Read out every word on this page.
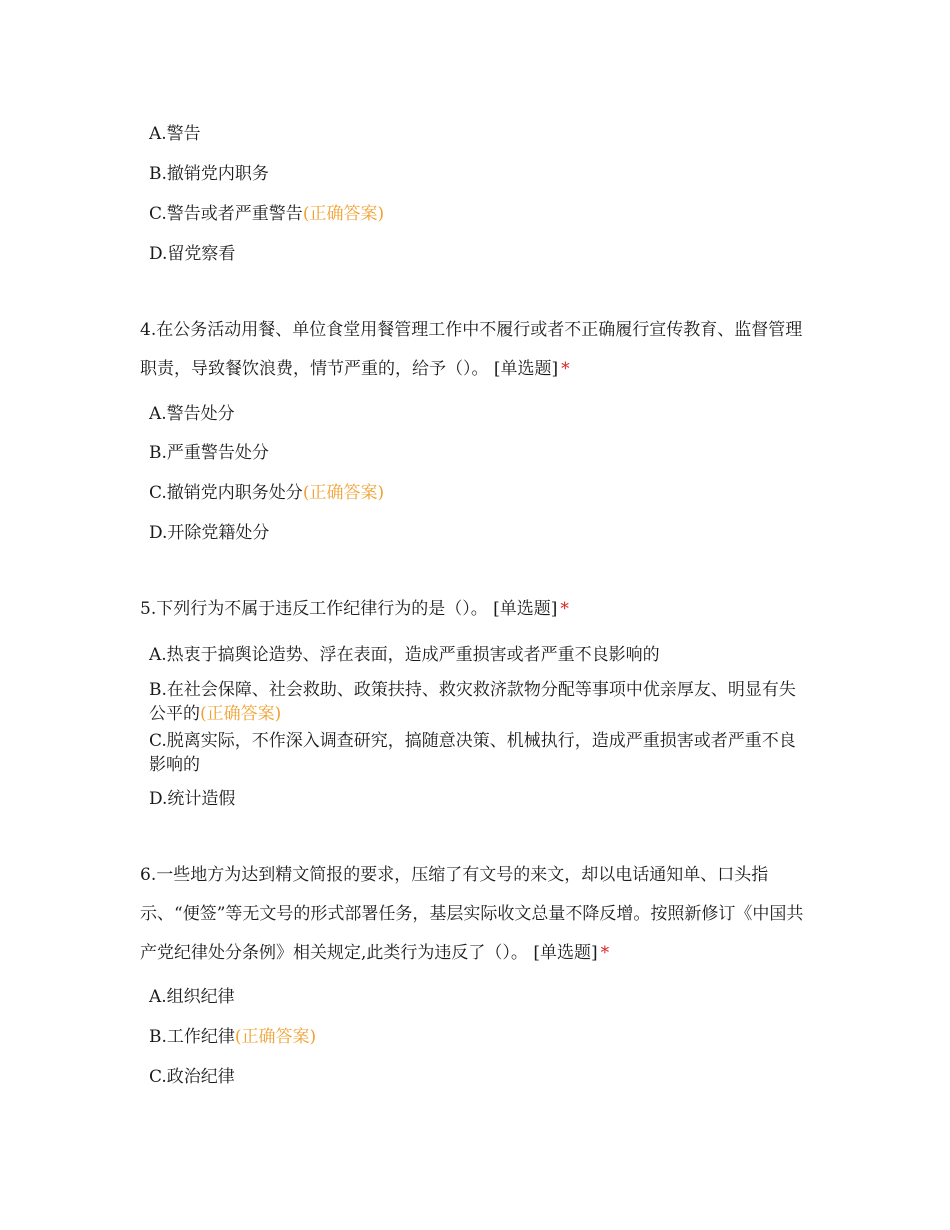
A.警告
B.撤销党内职务
C.警告或者严重警告(正确答案)
D.留党察看
4.在公务活动用餐、单位食堂用餐管理工作中不履行或者不正确履行宣传教育、监督管理职责，导致餐饮浪费，情节严重的，给予（）。 [单选题] *
A.警告处分
B.严重警告处分
C.撤销党内职务处分(正确答案)
D.开除党籍处分
5.下列行为不属于违反工作纪律行为的是（）。 [单选题] *
A.热衷于搞舆论造势、浮在表面，造成严重损害或者严重不良影响的
B.在社会保障、社会救助、政策扶持、救灾救济款物分配等事项中优亲厚友、明显有失公平的(正确答案)
C.脱离实际，不作深入调查研究，搞随意决策、机械执行，造成严重损害或者严重不良影响的
D.统计造假
6.一些地方为达到精文简报的要求，压缩了有文号的来文，却以电话通知单、口头指示、“便签”等无文号的形式部署任务，基层实际收文总量不降反增。按照新修订《中国共产党纪律处分条例》相关规定,此类行为违反了（）。 [单选题] *
A.组织纪律
B.工作纪律(正确答案)
C.政治纪律
